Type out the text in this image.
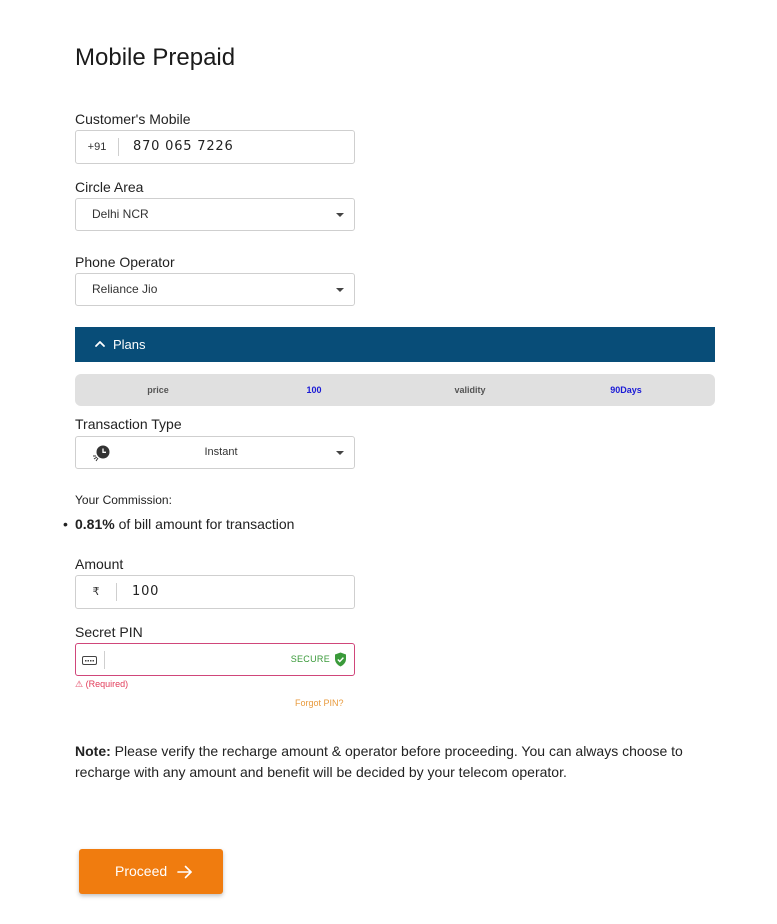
Mobile Prepaid
Customer's Mobile
+91	870 065 7226
Circle Area
Delhi NCR
Phone Operator
Reliance Jio
Plans
price	100	validity	90Days
Transaction Type
Instant
Your Commission:
• 0.81% of bill amount for transaction
Amount
₹	100
Secret PIN
SECURE
⚠ (Required)
Forgot PIN?
Note: Please verify the recharge amount & operator before proceeding. You can always choose to recharge with any amount and benefit will be decided by your telecom operator.
Proceed
